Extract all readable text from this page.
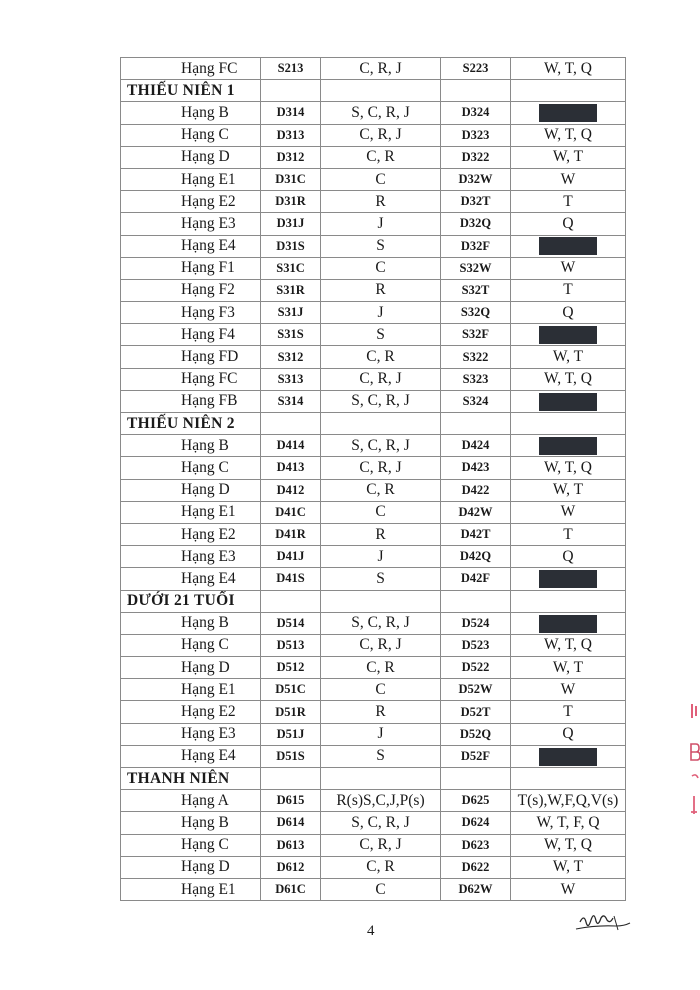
Hạng FC	S213	C, R, J	S223	W, T, Q
THIẾU NIÊN 1				
Hạng B	D314	S, C, R, J	D324	
Hạng C	D313	C, R, J	D323	W, T, Q
Hạng D	D312	C, R	D322	W, T
Hạng E1	D31C	C	D32W	W
Hạng E2	D31R	R	D32T	T
Hạng E3	D31J	J	D32Q	Q
Hạng E4	D31S	S	D32F	
Hạng F1	S31C	C	S32W	W
Hạng F2	S31R	R	S32T	T
Hạng F3	S31J	J	S32Q	Q
Hạng F4	S31S	S	S32F	
Hạng FD	S312	C, R	S322	W, T
Hạng FC	S313	C, R, J	S323	W, T, Q
Hạng FB	S314	S, C, R, J	S324	
THIẾU NIÊN 2				
Hạng B	D414	S, C, R, J	D424	
Hạng C	D413	C, R, J	D423	W, T, Q
Hạng D	D412	C, R	D422	W, T
Hạng E1	D41C	C	D42W	W
Hạng E2	D41R	R	D42T	T
Hạng E3	D41J	J	D42Q	Q
Hạng E4	D41S	S	D42F	
DƯỚI 21 TUỔI				
Hạng B	D514	S, C, R, J	D524	
Hạng C	D513	C, R, J	D523	W, T, Q
Hạng D	D512	C, R	D522	W, T
Hạng E1	D51C	C	D52W	W
Hạng E2	D51R	R	D52T	T
Hạng E3	D51J	J	D52Q	Q
Hạng E4	D51S	S	D52F	
THANH NIÊN				
Hạng A	D615	R(s)S,C,J,P(s)	D625	T(s),W,F,Q,V(s)
Hạng B	D614	S, C, R, J	D624	W, T, F, Q
Hạng C	D613	C, R, J	D623	W, T, Q
Hạng D	D612	C, R	D622	W, T
Hạng E1	D61C	C	D62W	W
4
